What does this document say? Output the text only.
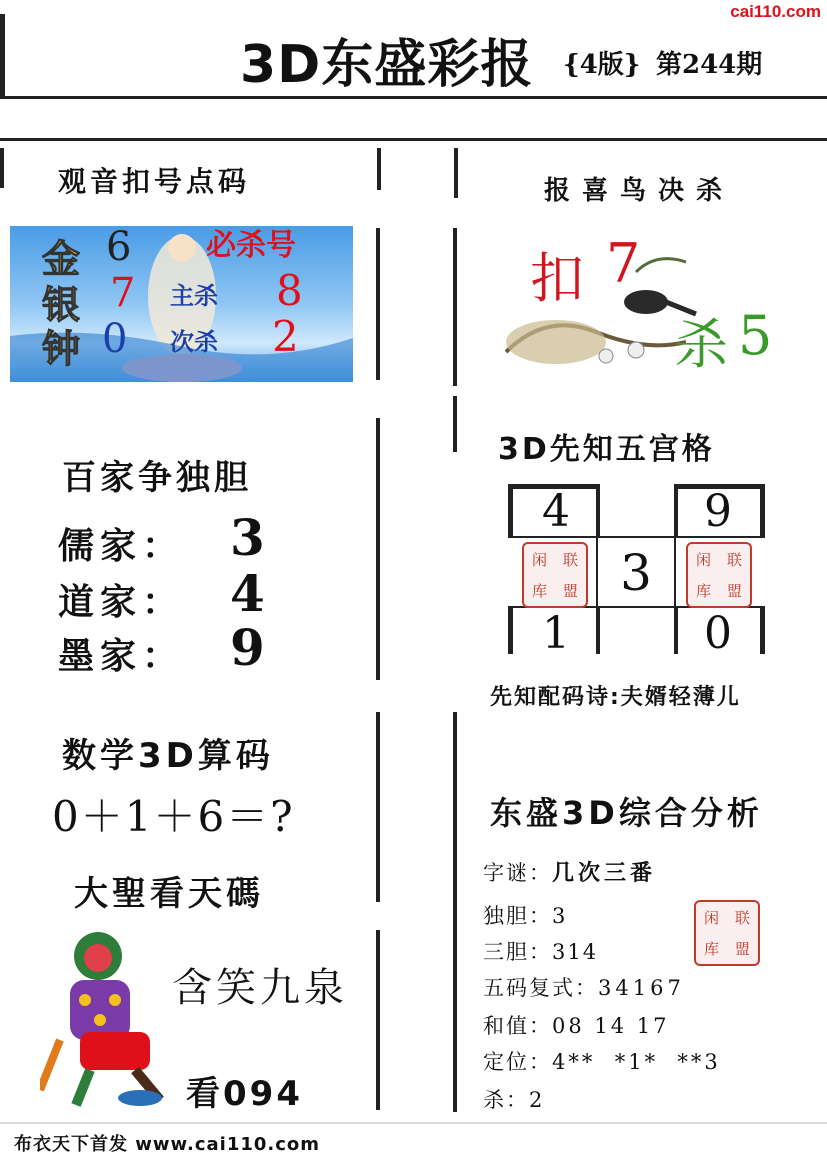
cai110.com
3D东盛彩报 {4版} 第244期
观音扣号点码
必杀号
金 6
银 7 主杀 8
钟 0 次杀 2
报喜鸟决杀
扣 7
杀 5
百家争独胆
儒家： 3
道家： 4
墨家： 9
3D先知五宫格
4	9
3
1	0
闲 联
库 盟
闲 联
库 盟
先知配码诗:夫婿轻薄儿
数学3D算码
0＋1＋6＝?
大聖看天碼
含笑九泉
看094
东盛3D综合分析
字谜：几次三番
独胆：3
三胆：314
五码复式：34167
和值：08 14 17
定位：4**  *1*  **3
杀：2
闲 联
库 盟
布衣天下首发 www.cai110.com
